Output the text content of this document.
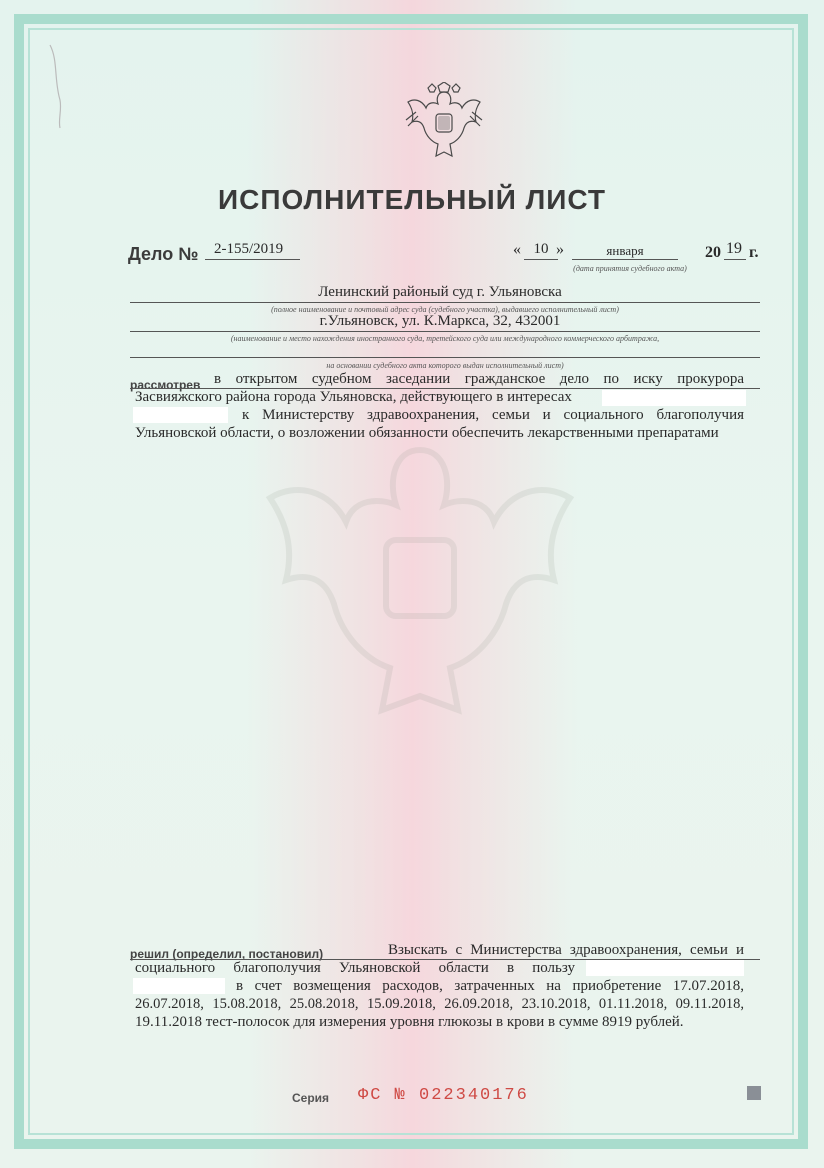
ИСПОЛНИТЕЛЬНЫЙ ЛИСТ
Дело № 2-155/2019	« 10 »	января	20 19 г.
(дата принятия судебного акта)
Ленинский районый суд г. Ульяновска
(полное наименование и почтовый адрес суда (судебного участка), выдавшего исполнительный лист)
г.Ульяновск, ул. К.Маркса, 32, 432001
(наименование и место нахождения иностранного суда, третейского суда или международного коммерческого арбитража,
на основании судебного акта которого выдан исполнительный лист)
рассмотрев в открытом судебном заседании гражданское дело по иску прокурора
Засвияжского района города Ульяновска, действующего в интересах
к Министерству здравоохранения, семьи и социального благополучия
Ульяновской области, о возложении обязанности обеспечить лекарственными препаратами
Взыскать с Министерства здравоохранения, семьи и
решил (определил, постановил)
социального благополучия Ульяновской области в пользу
в счет возмещения расходов, затраченных на приобретение 17.07.2018,
26.07.2018, 15.08.2018, 25.08.2018, 15.09.2018, 26.09.2018, 23.10.2018, 01.11.2018, 09.11.2018,
19.11.2018 тест-полосок для измерения уровня глюкозы в крови в сумме 8919 рублей.
Серия ФС № 022340176
